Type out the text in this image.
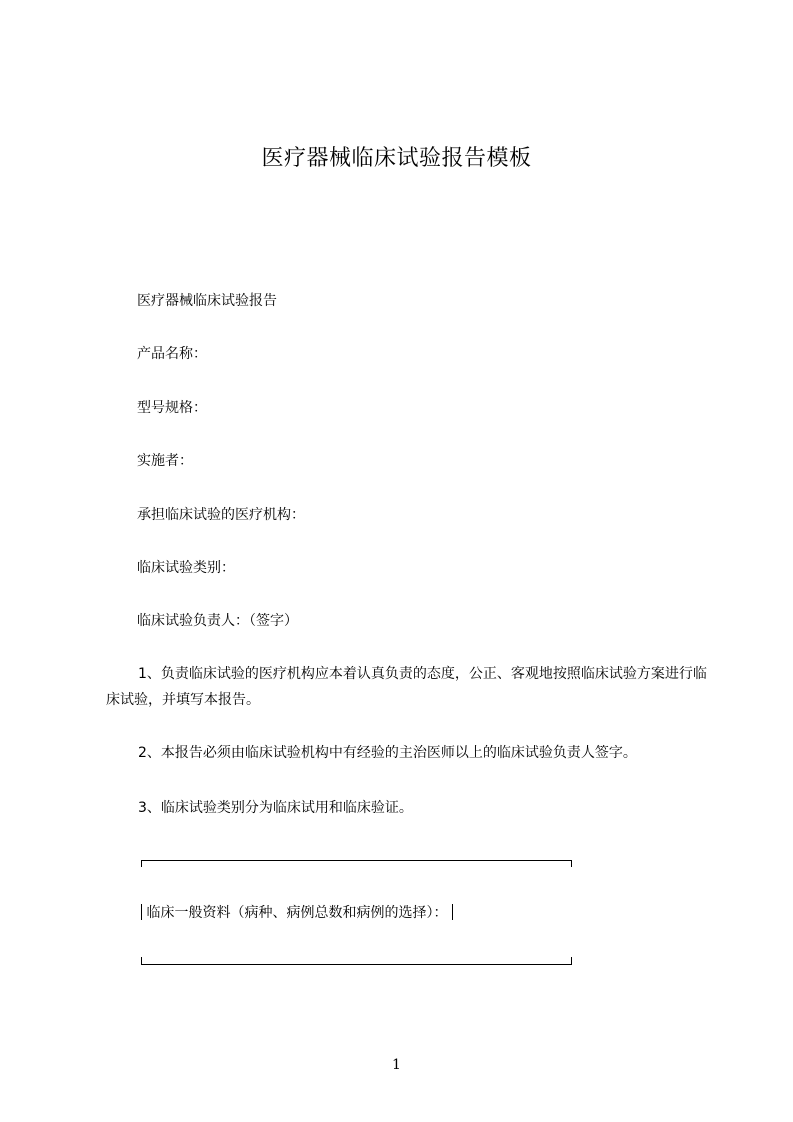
医疗器械临床试验报告模板
医疗器械临床试验报告
产品名称：
型号规格：
实施者：
承担临床试验的医疗机构：
临床试验类别：
临床试验负责人：（签字）
1、负责临床试验的医疗机构应本着认真负责的态度，公正、客观地按照临床试验方案进行临床试验，并填写本报告。
2、本报告必须由临床试验机构中有经验的主治医师以上的临床试验负责人签字。
3、临床试验类别分为临床试用和临床验证。
临床一般资料（病种、病例总数和病例的选择）：
1
